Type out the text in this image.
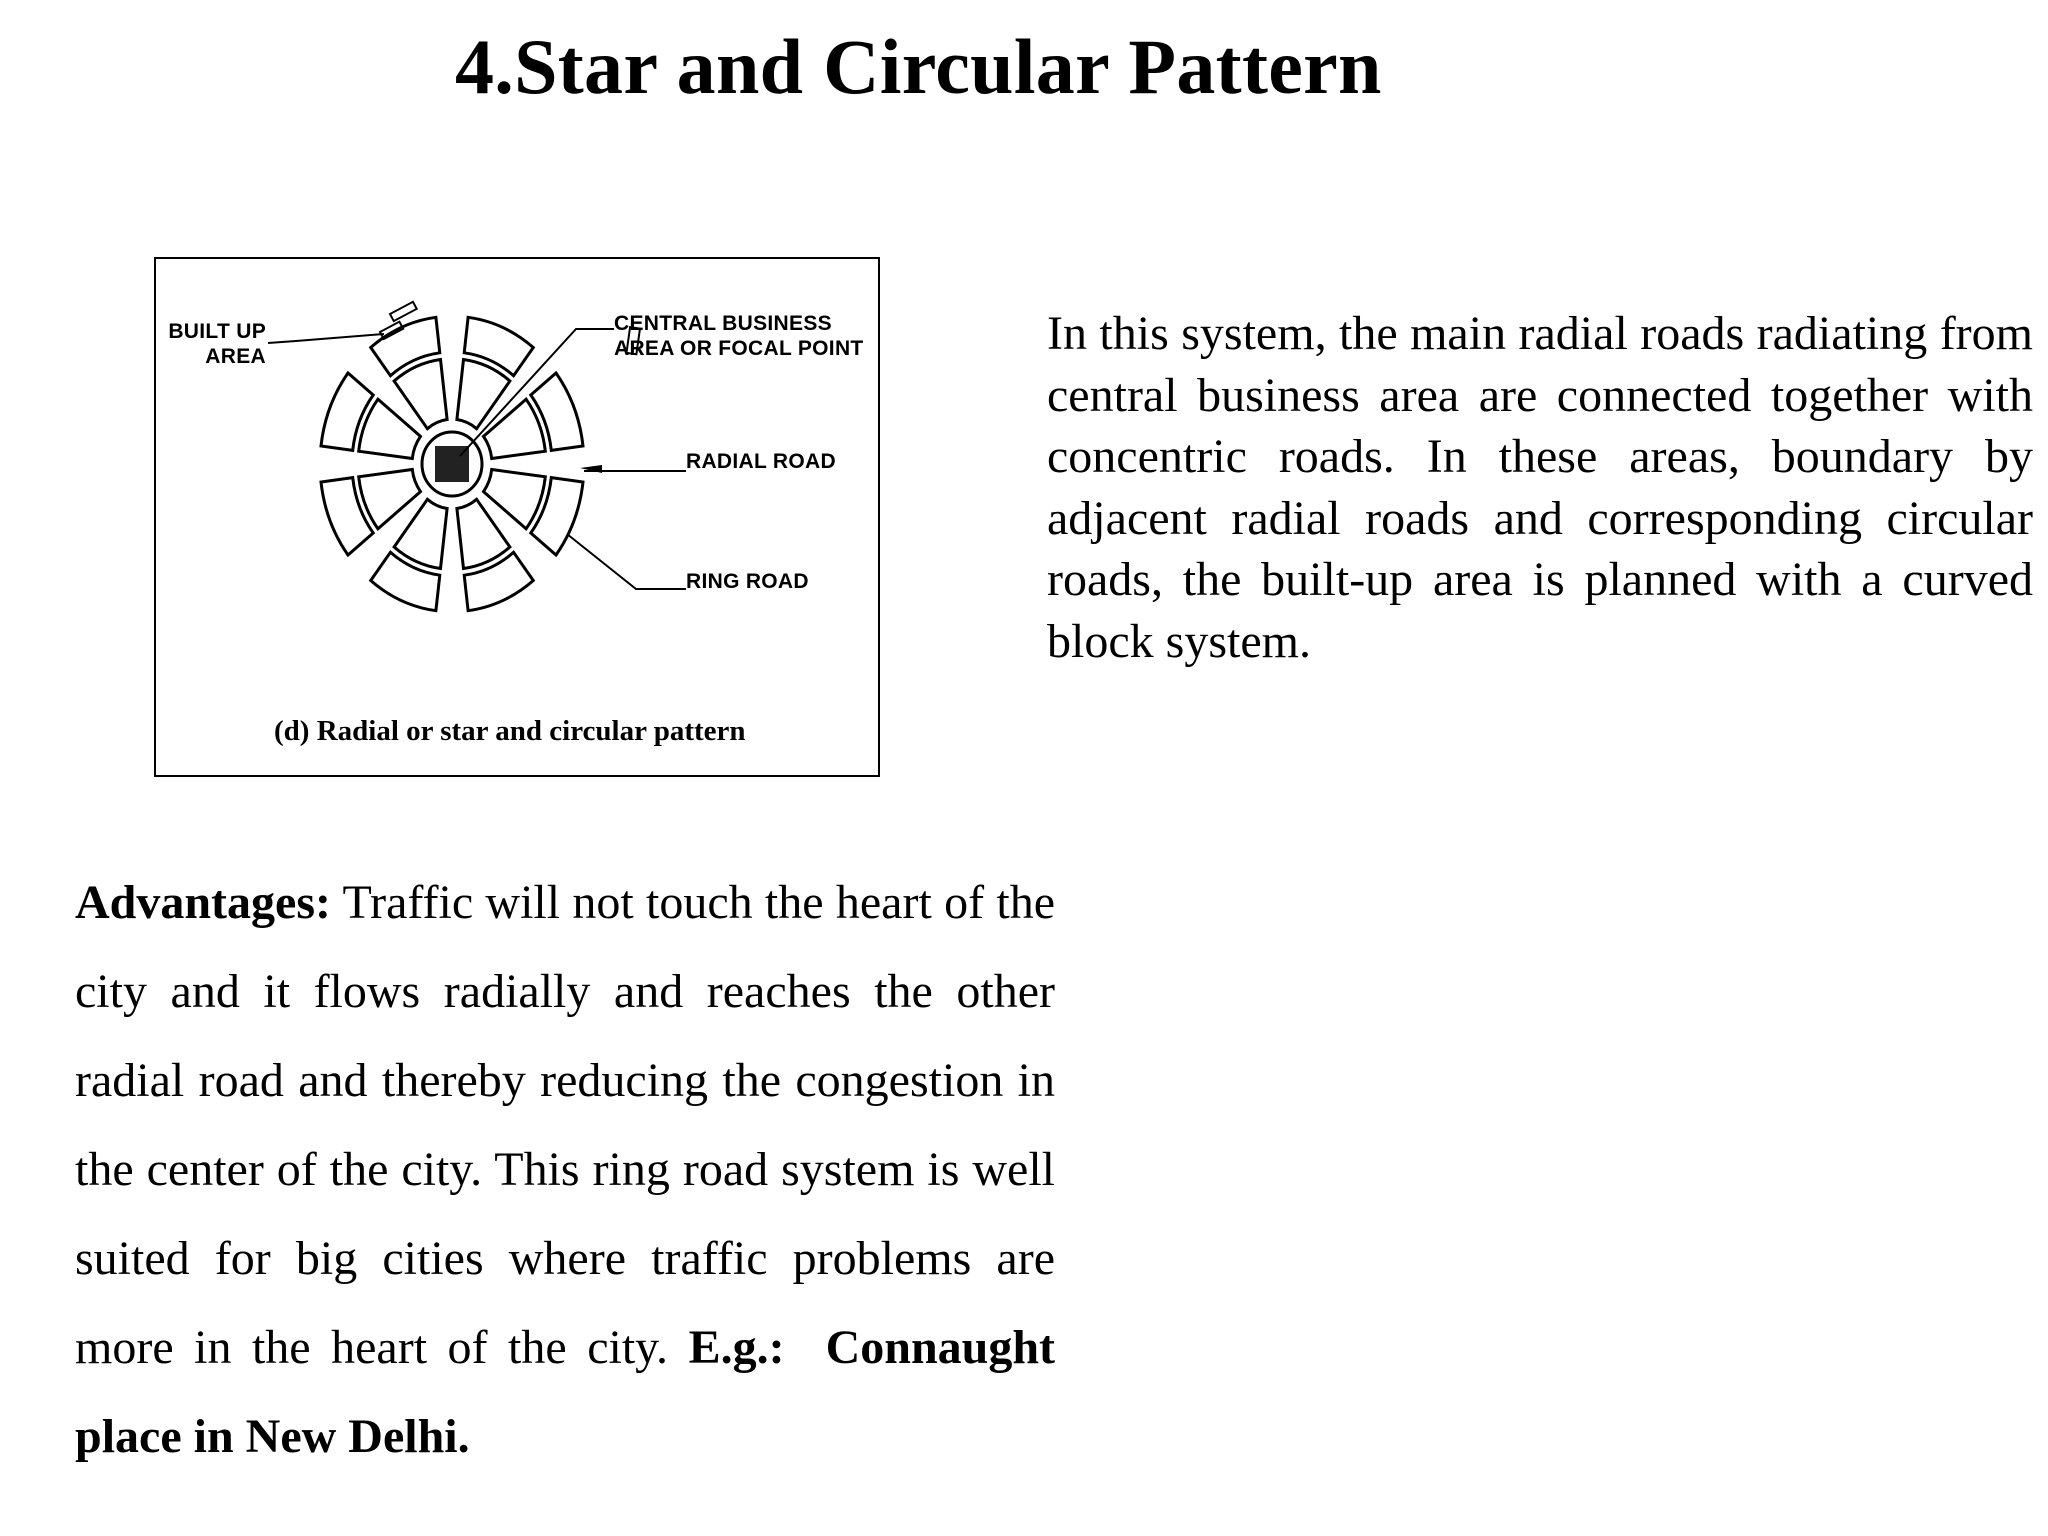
4.Star and Circular Pattern
BUILT UP
AREA
CENTRAL BUSINESS
AREA OR FOCAL POINT
RADIAL ROAD
RING ROAD
(d) Radial or star and circular pattern

In this system, the main radial roads radiating from central business area are connected together with concentric roads. In these areas, boundary by adjacent radial roads and corresponding circular roads, the built-up area is planned with a curved block system.

Advantages: Traffic will not touch the heart of the city and it flows radially and reaches the other radial road and thereby reducing the congestion in the center of the city. This ring road system is well suited for big cities where traffic problems are more in the heart of the city. E.g.: Connaught place in New Delhi.
